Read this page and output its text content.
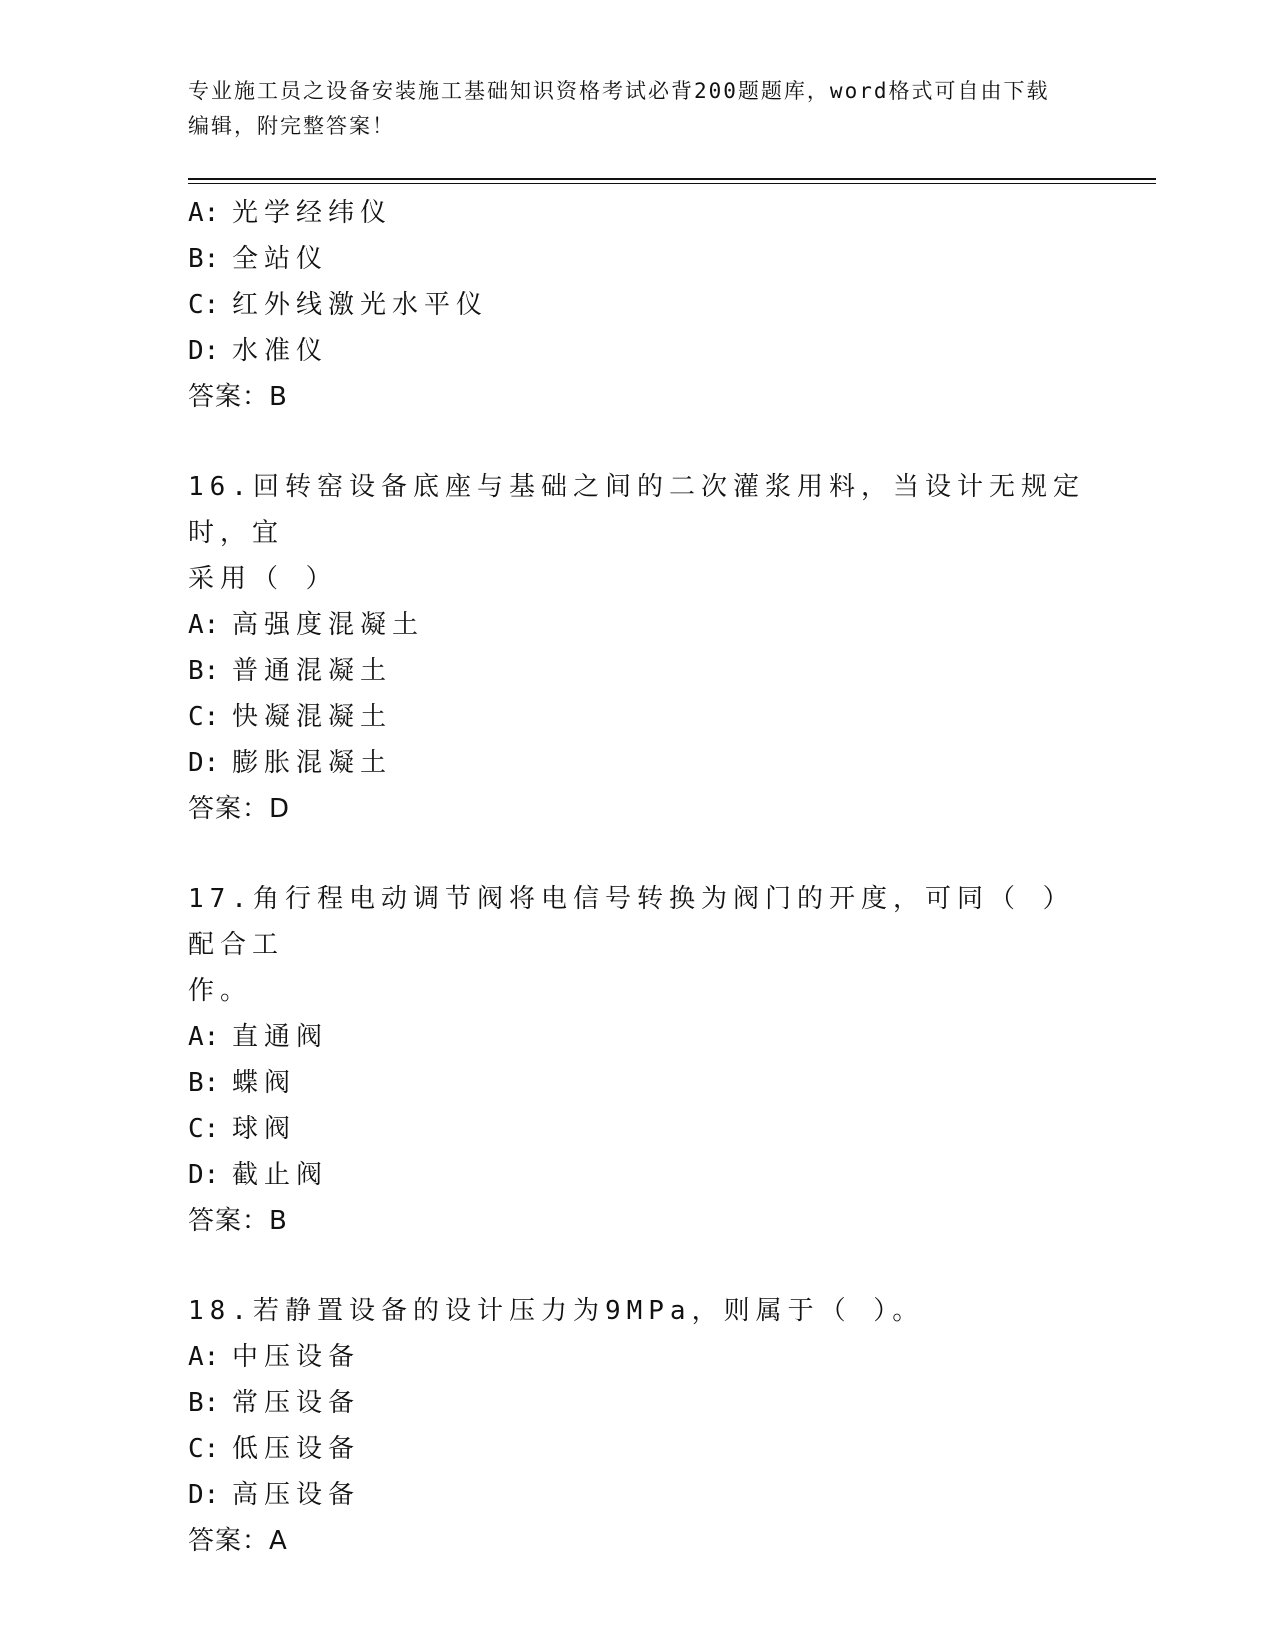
专业施工员之设备安装施工基础知识资格考试必背200题题库，word格式可自由下载编辑，附完整答案！
A: 光学经纬仪
B: 全站仪
C: 红外线激光水平仪
D: 水准仪
答案：B
16.回转窑设备底座与基础之间的二次灌浆用料，当设计无规定时，宜
采用（ ）
A: 高强度混凝土
B: 普通混凝土
C: 快凝混凝土
D: 膨胀混凝土
答案：D
17.角行程电动调节阀将电信号转换为阀门的开度，可同（ ）配合工
作。
A: 直通阀
B: 蝶阀
C: 球阀
D: 截止阀
答案：B
18.若静置设备的设计压力为9MPa，则属于（ ）。
A: 中压设备
B: 常压设备
C: 低压设备
D: 高压设备
答案：A
